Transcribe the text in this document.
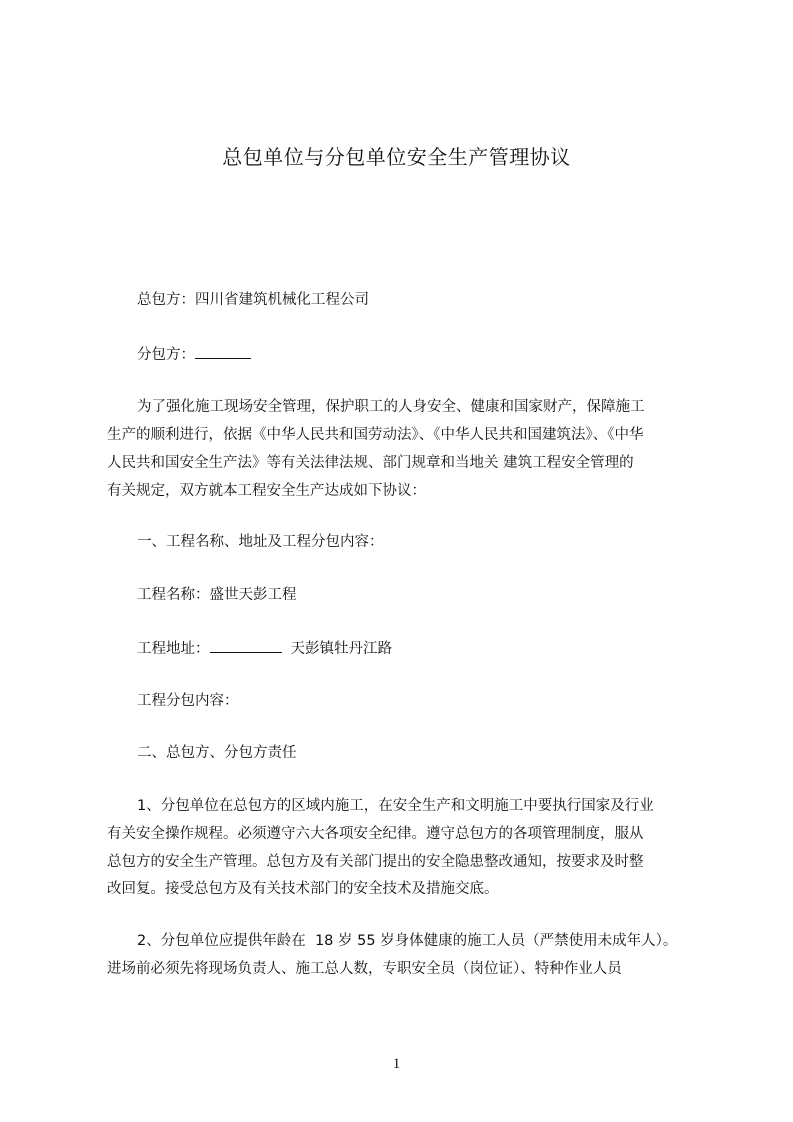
总包单位与分包单位安全生产管理协议
总包方：四川省建筑机械化工程公司
分包方：
为了强化施工现场安全管理，保护职工的人身安全、健康和国家财产，保障施工
生产的顺利进行，依据《中华人民共和国劳动法》、《中华人民共和国建筑法》、《中华
人民共和国安全生产法》等有关法律法规、部门规章和当地关 建筑工程安全管理的
有关规定，双方就本工程安全生产达成如下协议：
一、工程名称、地址及工程分包内容：
工程名称：盛世天彭工程
工程地址：	天彭镇牡丹江路
工程分包内容：
二、总包方、分包方责任
1、分包单位在总包方的区域内施工，在安全生产和文明施工中要执行国家及行业
有关安全操作规程。必须遵守六大各项安全纪律。遵守总包方的各项管理制度，服从
总包方的安全生产管理。总包方及有关部门提出的安全隐患整改通知，按要求及时整
改回复。接受总包方及有关技术部门的安全技术及措施交底。
2、分包单位应提供年龄在  18 岁 55 岁身体健康的施工人员（严禁使用未成年人）。
进场前必须先将现场负责人、施工总人数，专职安全员（岗位证）、特种作业人员
1
